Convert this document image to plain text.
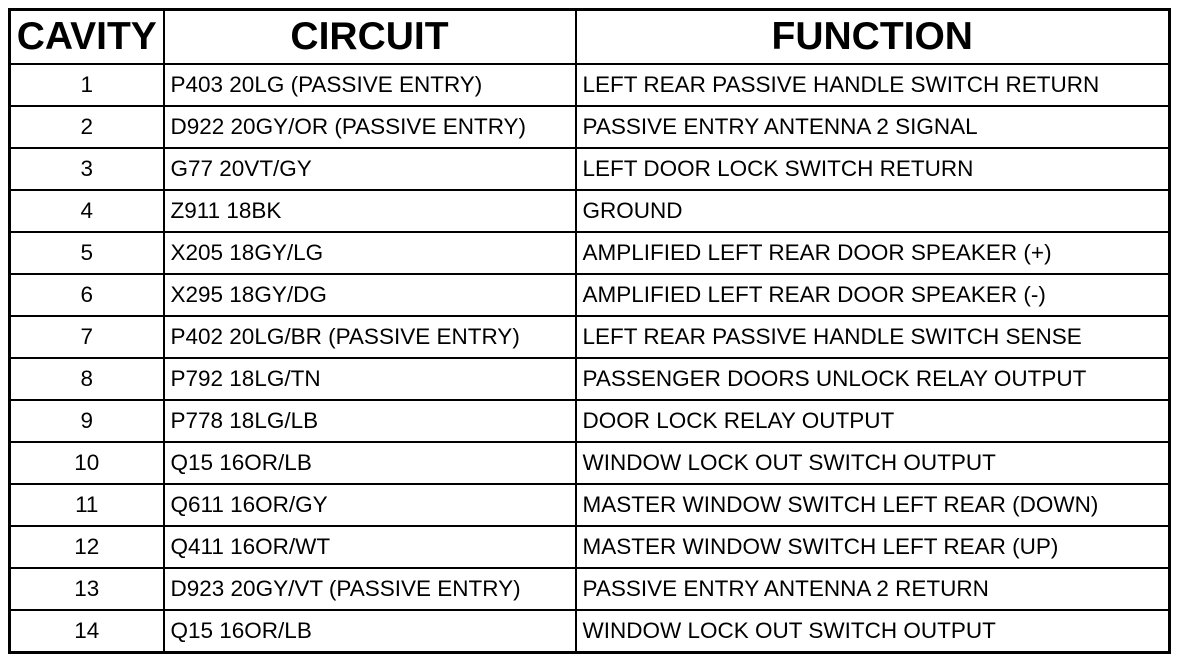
CAVITY	CIRCUIT	FUNCTION
1	P403 20LG (PASSIVE ENTRY)	LEFT REAR PASSIVE HANDLE SWITCH RETURN
2	D922 20GY/OR (PASSIVE ENTRY)	PASSIVE ENTRY ANTENNA 2 SIGNAL
3	G77 20VT/GY	LEFT DOOR LOCK SWITCH RETURN
4	Z911 18BK	GROUND
5	X205 18GY/LG	AMPLIFIED LEFT REAR DOOR SPEAKER (+)
6	X295 18GY/DG	AMPLIFIED LEFT REAR DOOR SPEAKER (-)
7	P402 20LG/BR (PASSIVE ENTRY)	LEFT REAR PASSIVE HANDLE SWITCH SENSE
8	P792 18LG/TN	PASSENGER DOORS UNLOCK RELAY OUTPUT
9	P778 18LG/LB	DOOR LOCK RELAY OUTPUT
10	Q15 16OR/LB	WINDOW LOCK OUT SWITCH OUTPUT
11	Q611 16OR/GY	MASTER WINDOW SWITCH LEFT REAR (DOWN)
12	Q411 16OR/WT	MASTER WINDOW SWITCH LEFT REAR (UP)
13	D923 20GY/VT (PASSIVE ENTRY)	PASSIVE ENTRY ANTENNA 2 RETURN
14	Q15 16OR/LB	WINDOW LOCK OUT SWITCH OUTPUT
